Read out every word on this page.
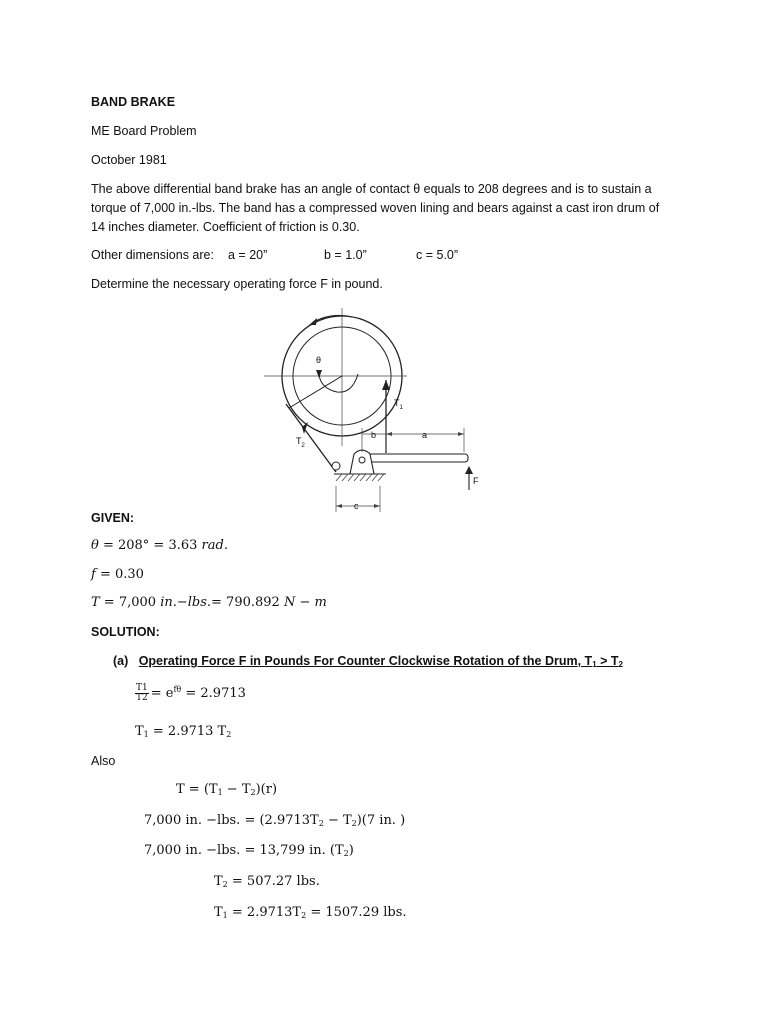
BAND BRAKE
ME Board Problem
October 1981
The above differential band brake has an angle of contact θ equals to 208 degrees and is to sustain a torque of 7,000 in.-lbs. The band has a compressed woven lining and bears against a cast iron drum of 14 inches diameter. Coefficient of friction is 0.30.
Other dimensions are: a = 20”	b = 1.0”	c = 5.0”
Determine the necessary operating force F in pound.
θ
$T_1$
$T_2$
b	a
F
c
GIVEN:
θ = 208° = 3.63 rad.
f = 0.30
T = 7,000 in.−lbs.= 790.892 N − m
SOLUTION:
(a) Operating Force F in Pounds For Counter Clockwise Rotation of the Drum, $T_1 > T_2$
$\frac{T1}{T2} = e^{f\theta} = 2.9713$
$T_1 = 2.9713$ $T_2$
Also
$T = (T_1 - T_2)(r)$
7,000 in. −lbs. = $(2.9713T_2 - T_2)(7$ in. )
7,000 in. −lbs. = 13,799 in. $(T_2)$
$T_2 = 507.27$ lbs.
$T_1 = 2.9713T_2 = 1507.29$ lbs.
